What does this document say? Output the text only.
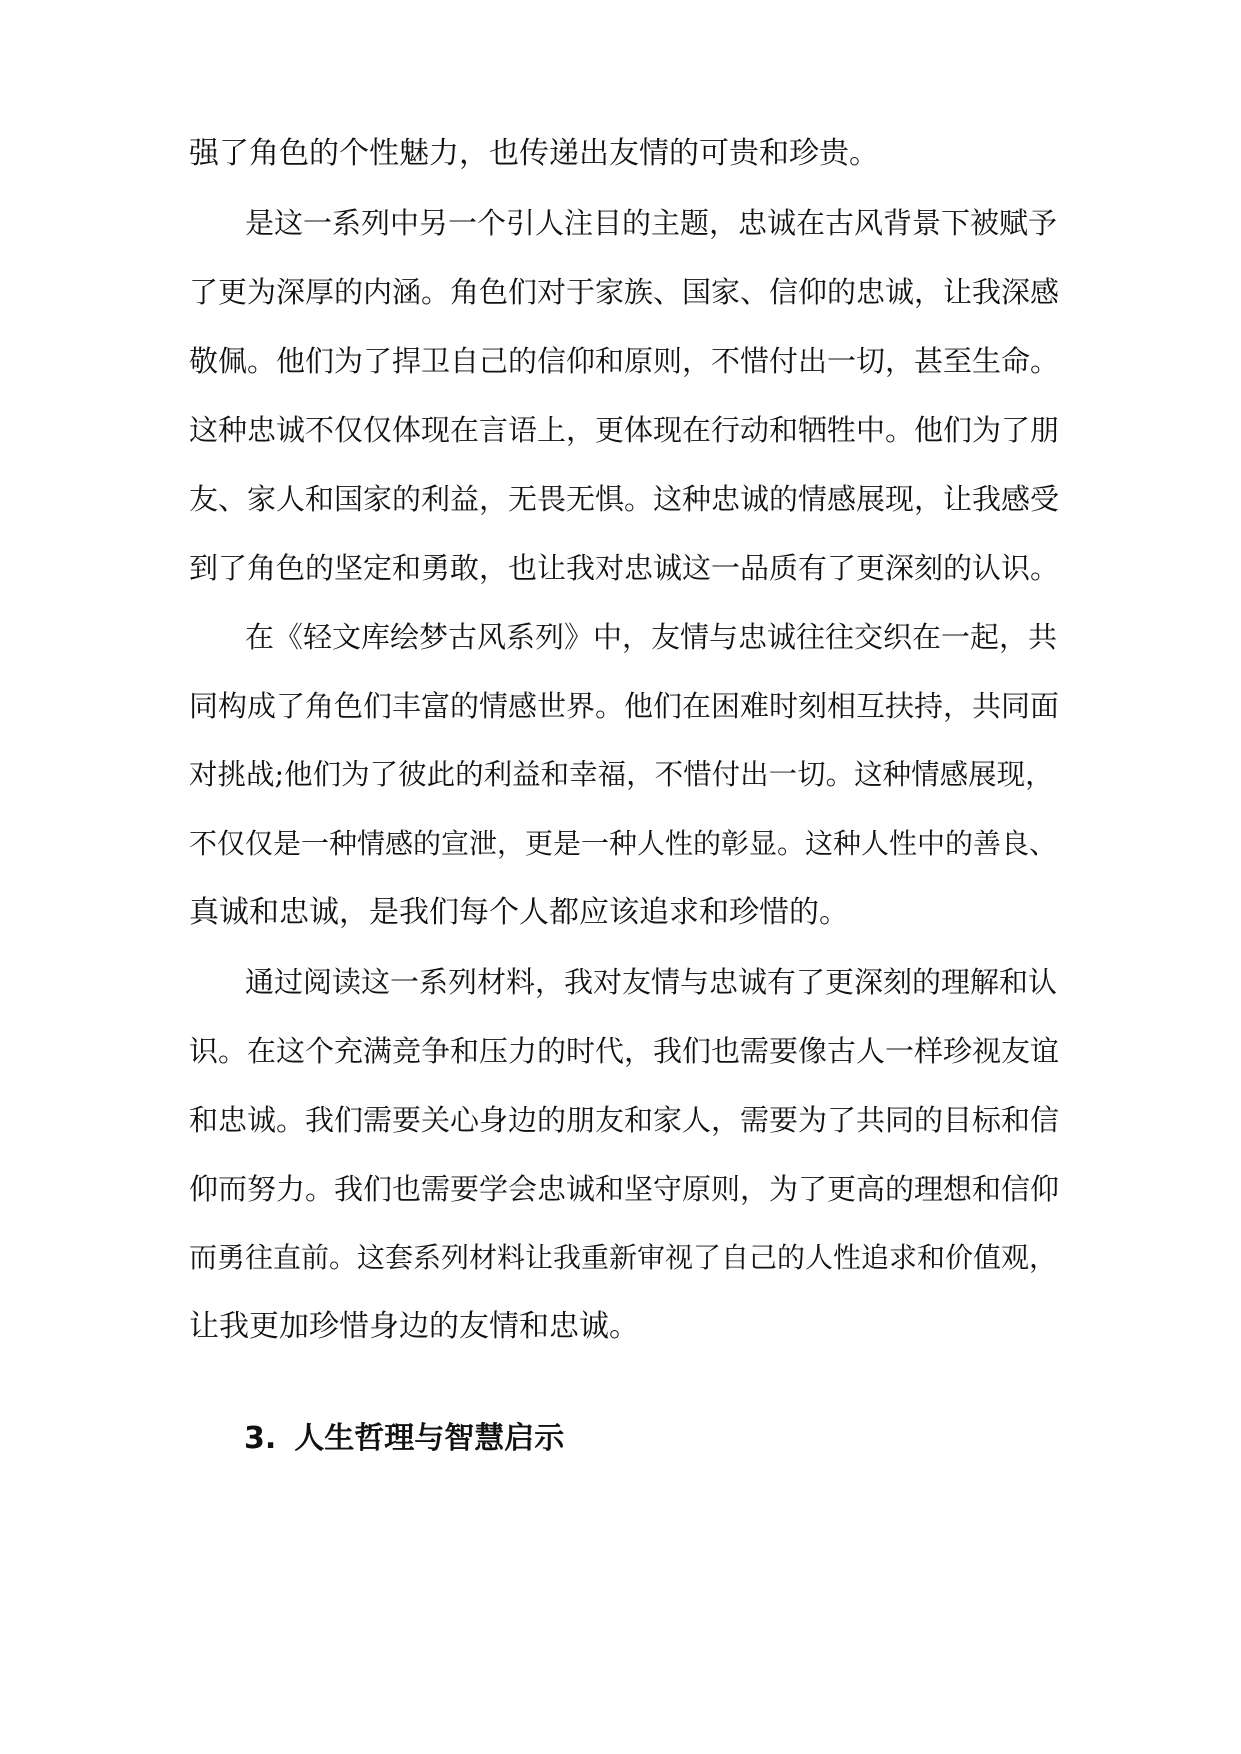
强了角色的个性魅力，也传递出友情的可贵和珍贵。
是这一系列中另一个引人注目的主题，忠诚在古风背景下被赋予
了更为深厚的内涵。角色们对于家族、国家、信仰的忠诚，让我深感
敬佩。他们为了捍卫自己的信仰和原则，不惜付出一切，甚至生命。
这种忠诚不仅仅体现在言语上，更体现在行动和牺牲中。他们为了朋
友、家人和国家的利益，无畏无惧。这种忠诚的情感展现，让我感受
到了角色的坚定和勇敢，也让我对忠诚这一品质有了更深刻的认识。
在《轻文库绘梦古风系列》中，友情与忠诚往往交织在一起，共
同构成了角色们丰富的情感世界。他们在困难时刻相互扶持，共同面
对挑战;他们为了彼此的利益和幸福，不惜付出一切。这种情感展现，
不仅仅是一种情感的宣泄，更是一种人性的彰显。这种人性中的善良、
真诚和忠诚，是我们每个人都应该追求和珍惜的。
通过阅读这一系列材料，我对友情与忠诚有了更深刻的理解和认
识。在这个充满竞争和压力的时代，我们也需要像古人一样珍视友谊
和忠诚。我们需要关心身边的朋友和家人，需要为了共同的目标和信
仰而努力。我们也需要学会忠诚和坚守原则，为了更高的理想和信仰
而勇往直前。这套系列材料让我重新审视了自己的人性追求和价值观，
让我更加珍惜身边的友情和忠诚。
3. 人生哲理与智慧启示
